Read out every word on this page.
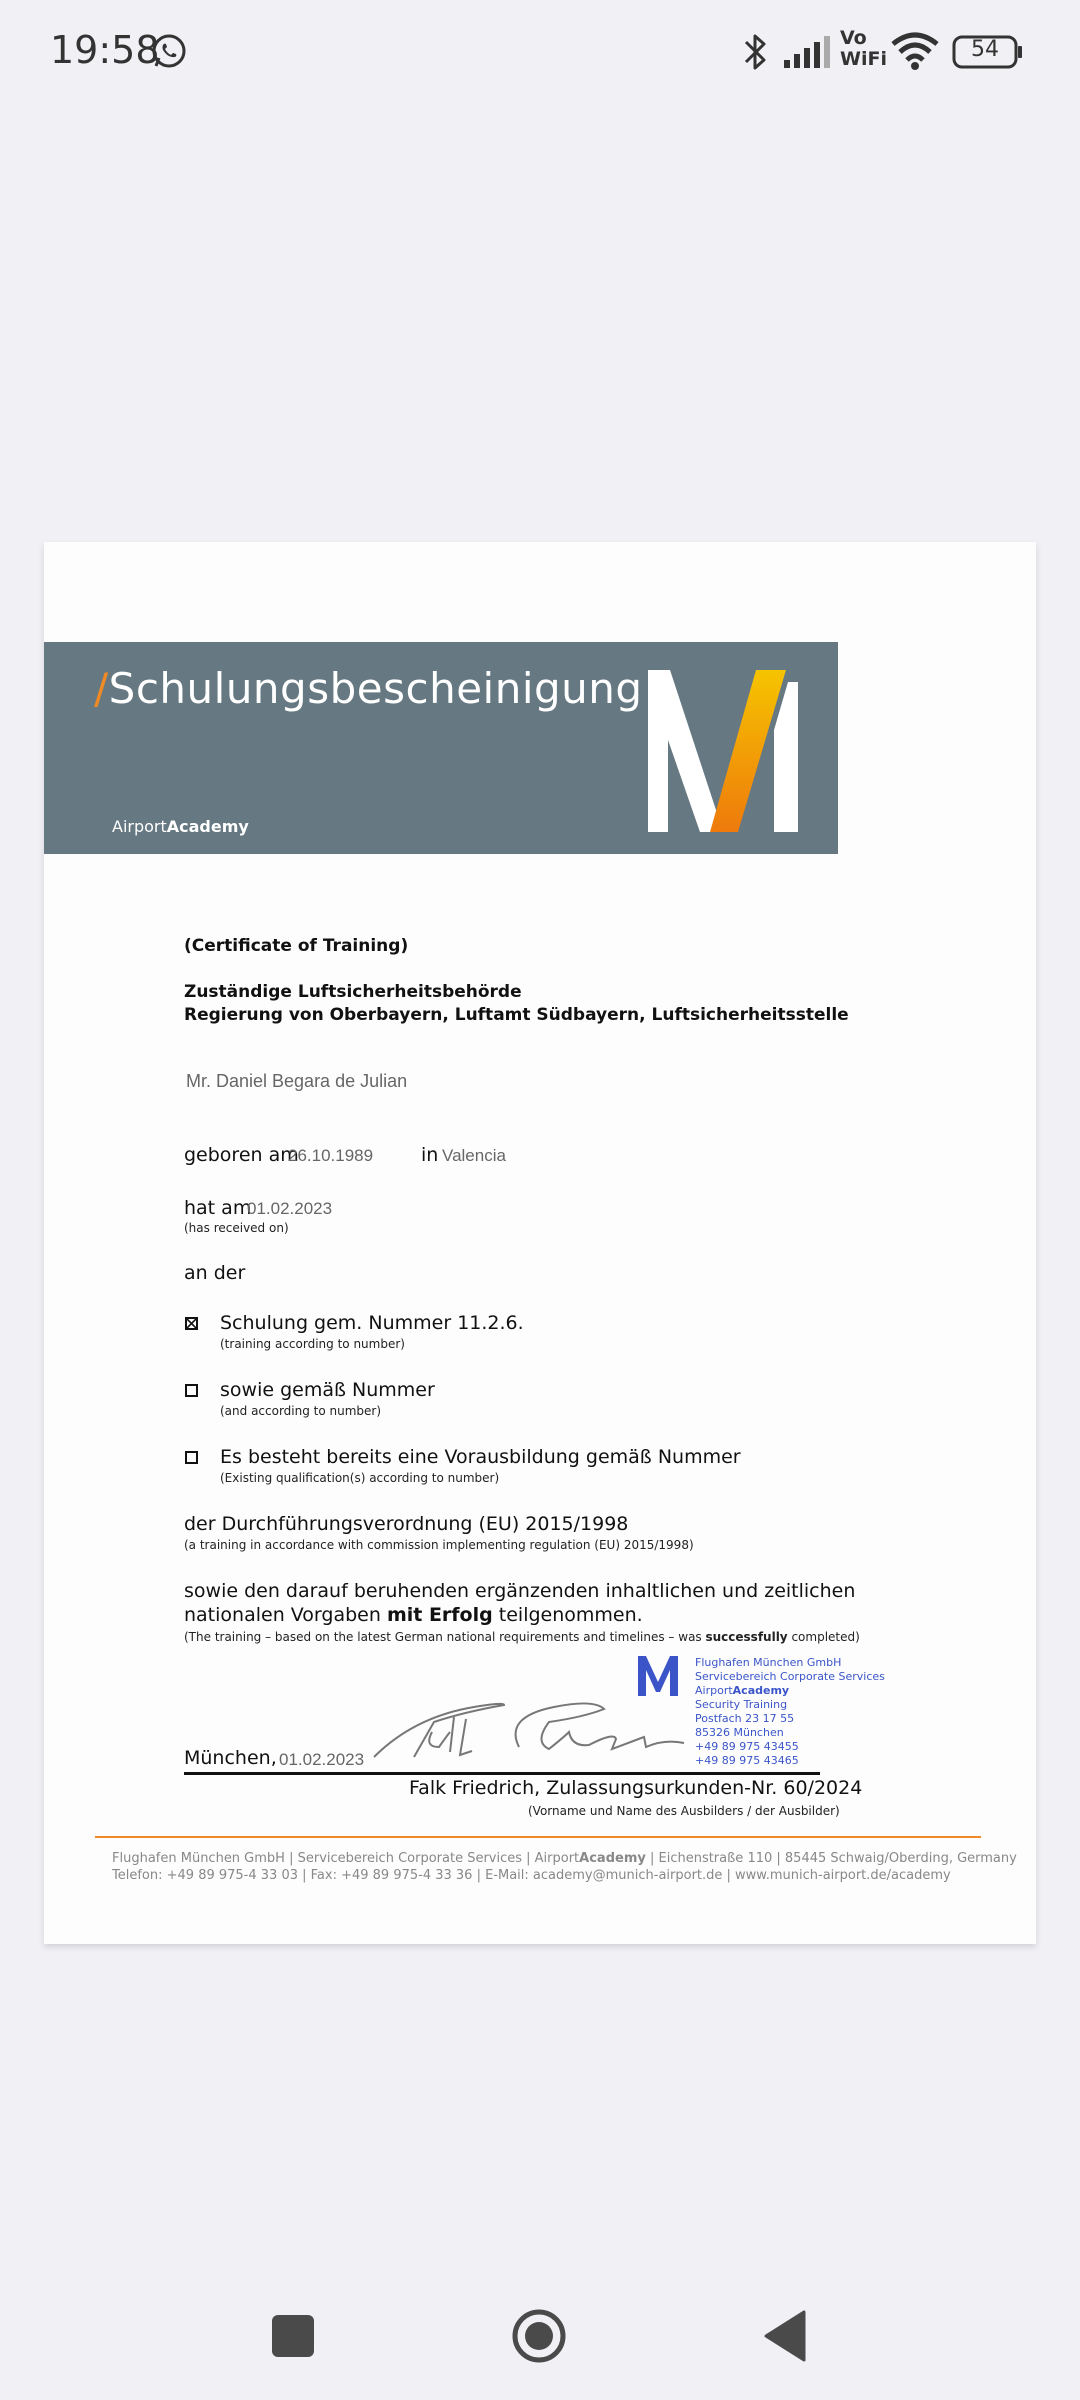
19:58	Vo
WiFi	54
/Schulungsbescheinigung
AirportAcademy
(Certificate of Training)
Zuständige Luftsicherheitsbehörde
Regierung von Oberbayern, Luftamt Südbayern, Luftsicherheitsstelle
Mr. Daniel Begara de Julian
geboren am
26.10.1989	in Valencia
hat am
01.02.2023
(has received on)
an der
Schulung gem. Nummer 11.2.6.
(training according to number)
sowie gemäß Nummer
(and according to number)
Es besteht bereits eine Vorausbildung gemäß Nummer
(Existing qualification(s) according to number)
der Durchführungsverordnung (EU) 2015/1998
(a training in accordance with commission implementing regulation (EU) 2015/1998)
sowie den darauf beruhenden ergänzenden inhaltlichen und zeitlichen
nationalen Vorgaben mit Erfolg teilgenommen.
(The training – based on the latest German national requirements and timelines – was successfully completed)
Flughafen München GmbH
Servicebereich Corporate Services
AirportAcademy
Security Training
Postfach 23 17 55
85326 München
+49 89 975 43455
+49 89 975 43465
München, 01.02.2023
Falk Friedrich, Zulassungsurkunden-Nr. 60/2024
(Vorname und Name des Ausbilders / der Ausbilder)
Flughafen München GmbH | Servicebereich Corporate Services | AirportAcademy | Eichenstraße 110 | 85445 Schwaig/Oberding, Germany
Telefon: +49 89 975-4 33 03 | Fax: +49 89 975-4 33 36 | E-Mail: academy@munich-airport.de | www.munich-airport.de/academy
